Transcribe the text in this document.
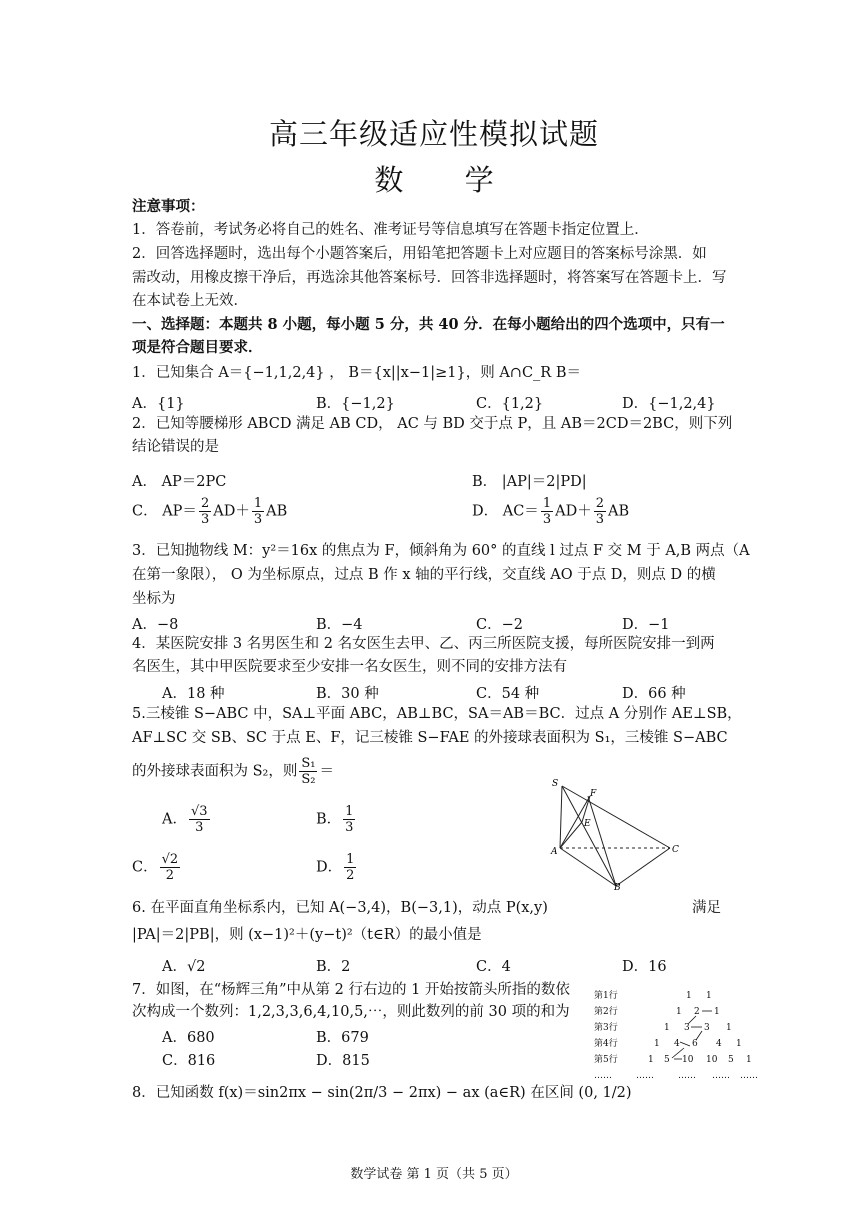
高三年级适应性模拟试题
数 学
注意事项：
1．答卷前，考试务必将自己的姓名、准考证号等信息填写在答题卡指定位置上．
2．回答选择题时，选出每个小题答案后，用铅笔把答题卡上对应题目的答案标号涂黑．如
需改动，用橡皮擦干净后，再选涂其他答案标号．回答非选择题时，将答案写在答题卡上．写
在本试卷上无效．
一、选择题：本题共 8 小题，每小题 5 分，共 40 分．在每小题给出的四个选项中，只有一
项是符合题目要求．
1．已知集合 A＝{−1,1,2,4} ， B＝{x||x−1|≥1}，则 A∩C_R B＝
A．{1}	B．{−1,2}	C．{1,2}	D．{−1,2,4}
2．已知等腰梯形 ABCD 满足 AB CD， AC 与 BD 交于点 P，且 AB＝2CD＝2BC，则下列
结论错误的是
A． AP＝2PC	B． |AP|＝2|PD|
C． $AP= \frac{2}{3} AD+ \frac{1}{3}$ AB	D． $AC= \frac{1}{3} AD+ \frac{2}{3}$ AB
3．已知抛物线 M：y²＝16x 的焦点为 F，倾斜角为 60° 的直线 l 过点 F 交 M 于 A,B 两点（A
在第一象限）， O 为坐标原点，过点 B 作 x 轴的平行线，交直线 AO 于点 D，则点 D 的横
坐标为
A．−8	B．−4	C．−2	D．−1
4．某医院安排 3 名男医生和 2 名女医生去甲、乙、丙三所医院支援，每所医院安排一到两
名医生，其中甲医院要求至少安排一名女医生，则不同的安排方法有
A．18 种	B．30 种	C．54 种	D．66 种
5.三棱锥 S−ABC 中，SA⊥平面 ABC，AB⊥BC，SA＝AB＝BC．过点 A 分别作 AE⊥SB，
AF⊥SC 交 SB、SC 于点 E、F，记三棱锥 S−FAE 的外接球表面积为 S₁，三棱锥 S−ABC
的外接球表面积为 S₂，则 $\frac{\text{S₁}}{\text{S₂}}$ ＝
A． $\frac{√3}{3}$	B． $\frac{1}{3}$
C． $\frac{√2}{2}$	D． $\frac{1}{2}$
S
F
E
A	C
B
6. 在平面直角坐标系内，已知 A(−3,4)，B(−3,1)，动点 P(x,y)	满足
|PA|＝2|PB|，则 (x−1)²＋(y−t)²（t∈R）的最小值是
A．√2	B．2	C．4	D．16
7．如图，在“杨辉三角”中从第 2 行右边的 1 开始按箭头所指的数依
次构成一个数列：1,2,3,3,6,4,10,5,⋯，则此数列的前 30 项的和为
A．680	B．679
C．816	D．815
第1行
第2行
第3行
第4行
第5行
……
1 1
1 2 1
1 3 3 1
1 4 6 4 1
1 5 10 10 5 1
……	…… …… ……
8．已知函数 f(x)＝sin2πx − sin(2π/3 − 2πx) − ax (a∈R) 在区间 (0, 1/2)
数学试卷 第 1 页（共 5 页）
